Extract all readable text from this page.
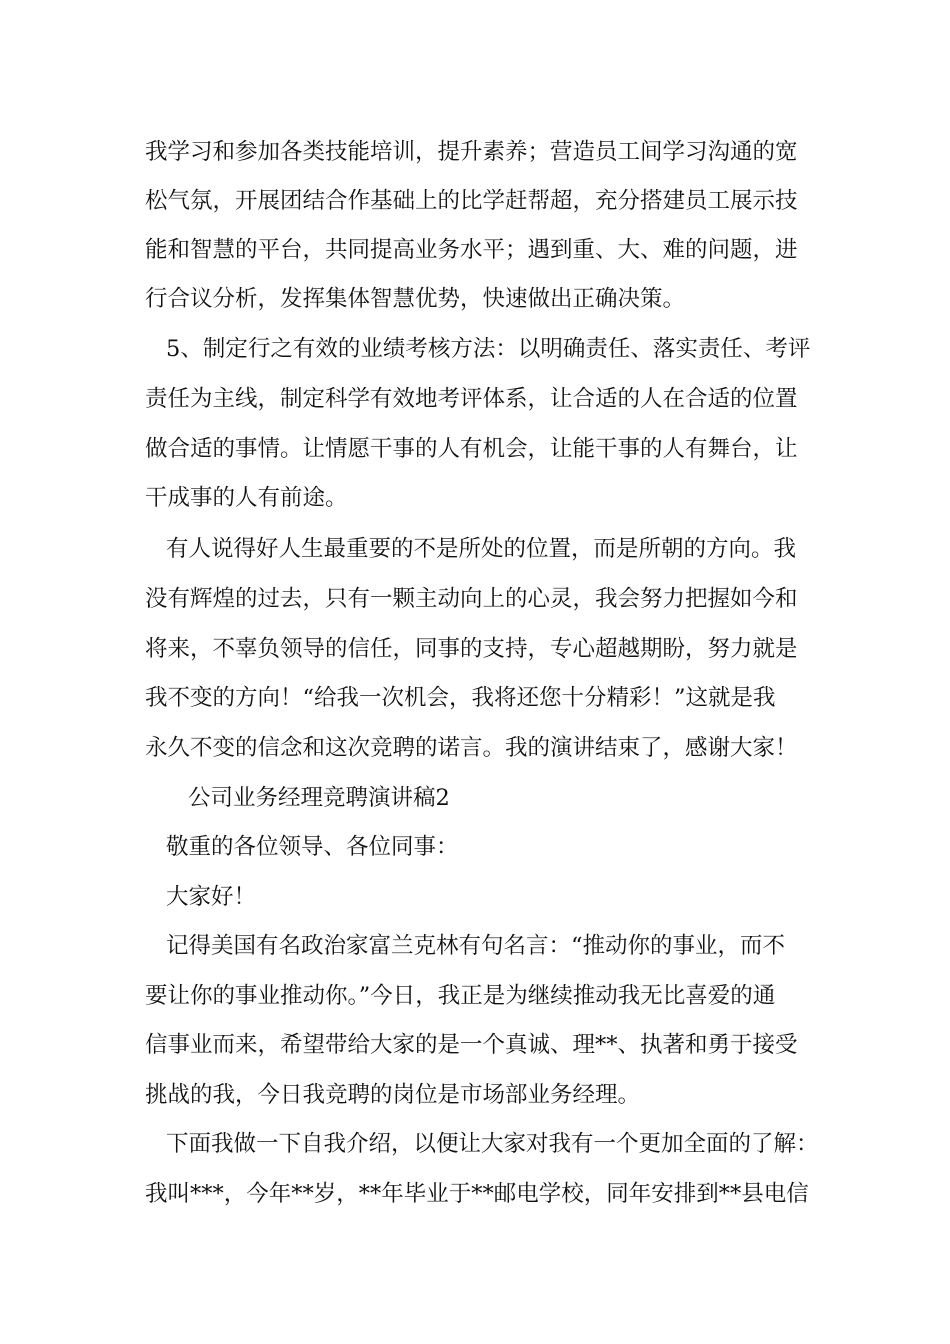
我学习和参加各类技能培训，提升素养；营造员工间学习沟通的宽
松气氛，开展团结合作基础上的比学赶帮超，充分搭建员工展示技
能和智慧的平台，共同提高业务水平；遇到重、大、难的问题，进
行合议分析，发挥集体智慧优势，快速做出正确决策。
5、制定行之有效的业绩考核方法：以明确责任、落实责任、考评
责任为主线，制定科学有效地考评体系，让合适的人在合适的位置
做合适的事情。让情愿干事的人有机会，让能干事的人有舞台，让
干成事的人有前途。
有人说得好人生最重要的不是所处的位置，而是所朝的方向。我
没有辉煌的过去，只有一颗主动向上的心灵，我会努力把握如今和
将来，不辜负领导的信任，同事的支持，专心超越期盼，努力就是
我不变的方向！“给我一次机会，我将还您十分精彩！”这就是我
永久不变的信念和这次竞聘的诺言。我的演讲结束了，感谢大家！
公司业务经理竞聘演讲稿2
敬重的各位领导、各位同事：
大家好！
记得美国有名政治家富兰克林有句名言：“推动你的事业，而不
要让你的事业推动你。”今日，我正是为继续推动我无比喜爱的通
信事业而来，希望带给大家的是一个真诚、理**、执著和勇于接受
挑战的我，今日我竞聘的岗位是市场部业务经理。
下面我做一下自我介绍，以便让大家对我有一个更加全面的了解：
我叫***，今年**岁，**年毕业于**邮电学校，同年安排到**县电信
